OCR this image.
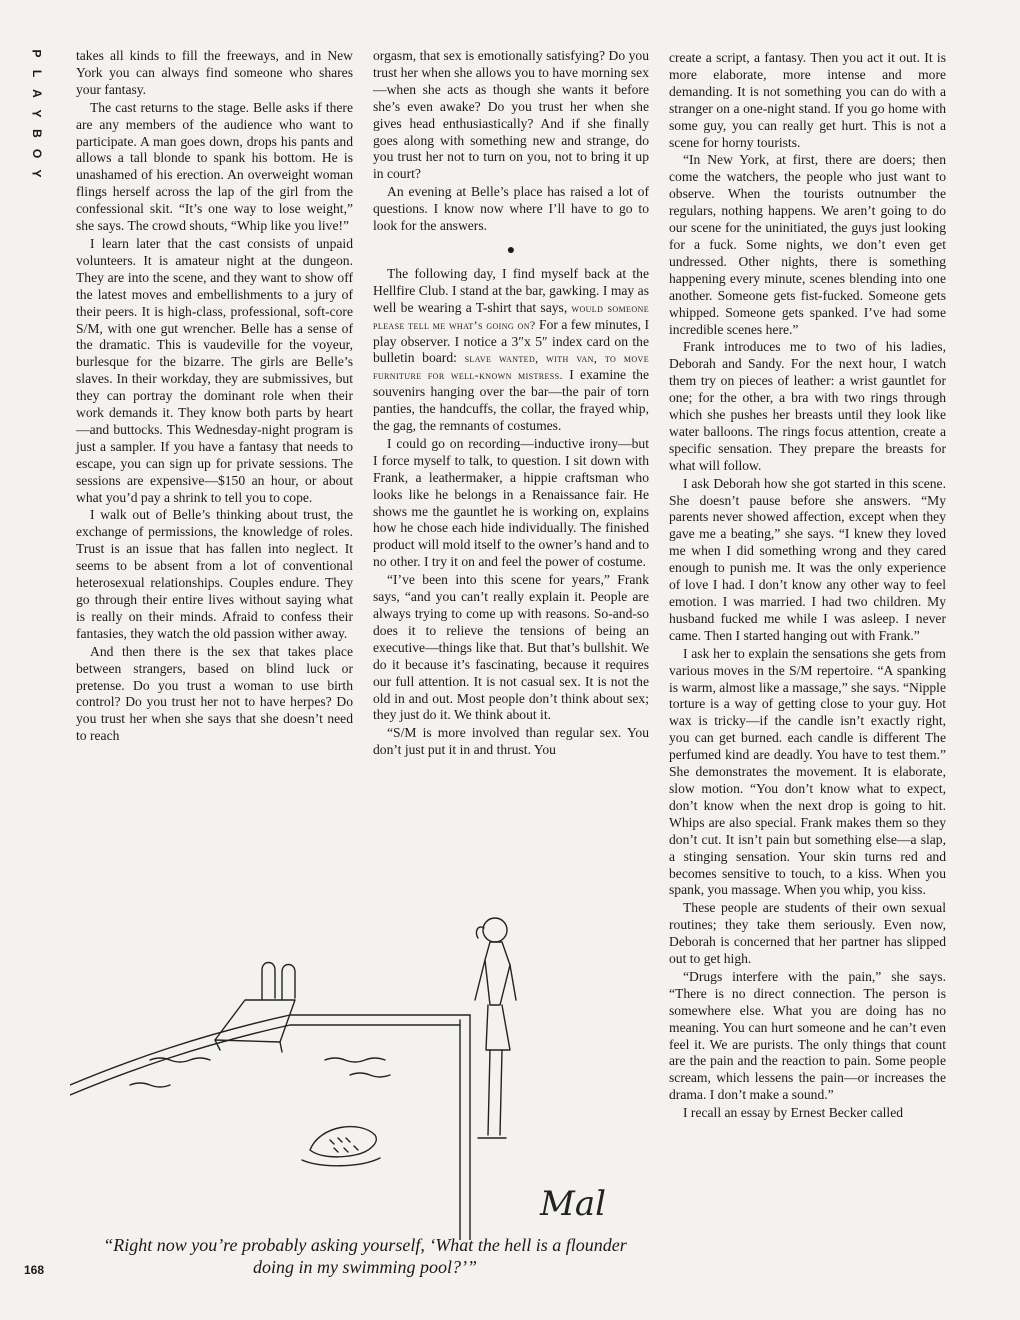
P
L
A
Y
B
O
Y

takes all kinds to fill the freeways, and in New York you can always find someone who shares your fantasy.

The cast returns to the stage. Belle asks if there are any members of the audience who want to participate. A man goes down, drops his pants and allows a tall blonde to spank his bottom. He is unashamed of his erection. An overweight woman flings herself across the lap of the girl from the confessional skit. “It’s one way to lose weight,” she says. The crowd shouts, “Whip like you live!”

I learn later that the cast consists of unpaid volunteers. It is amateur night at the dungeon. They are into the scene, and they want to show off the latest moves and embellishments to a jury of their peers. It is high-class, professional, soft-core S/M, with one gut wrencher. Belle has a sense of the dramatic. This is vaudeville for the voyeur, burlesque for the bizarre. The girls are Belle’s slaves. In their workday, they are submissives, but they can portray the dominant role when their work demands it. They know both parts by heart—and buttocks. This Wednesday-night program is just a sampler. If you have a fantasy that needs to escape, you can sign up for private sessions. The sessions are expensive—$150 an hour, or about what you’d pay a shrink to tell you to cope.

I walk out of Belle’s thinking about trust, the exchange of permissions, the knowledge of roles. Trust is an issue that has fallen into neglect. It seems to be absent from a lot of conventional heterosexual relationships. Couples endure. They go through their entire lives without saying what is really on their minds. Afraid to confess their fantasies, they watch the old passion wither away.

And then there is the sex that takes place between strangers, based on blind luck or pretense. Do you trust a woman to use birth control? Do you trust her not to have herpes? Do you trust her when she says that she doesn’t need to reach

orgasm, that sex is emotionally satisfying? Do you trust her when she allows you to have morning sex—when she acts as though she wants it before she’s even awake? Do you trust her when she gives head enthusiastically? And if she finally goes along with something new and strange, do you trust her not to turn on you, not to bring it up in court?

An evening at Belle’s place has raised a lot of questions. I know now where I’ll have to go to look for the answers.

●

The following day, I find myself back at the Hellfire Club. I stand at the bar, gawking. I may as well be wearing a T-shirt that says, would someone please tell me what’s going on? For a few minutes, I play observer. I notice a 3″x 5″ index card on the bulletin board: slave wanted, with van, to move furniture for well-known mistress. I examine the souvenirs hanging over the bar—the pair of torn panties, the handcuffs, the collar, the frayed whip, the gag, the remnants of costumes.

I could go on recording—inductive irony—but I force myself to talk, to question. I sit down with Frank, a leathermaker, a hippie craftsman who looks like he belongs in a Renaissance fair. He shows me the gauntlet he is working on, explains how he chose each hide individually. The finished product will mold itself to the owner’s hand and to no other. I try it on and feel the power of costume.

“I’ve been into this scene for years,” Frank says, “and you can’t really explain it. People are always trying to come up with reasons. So-and-so does it to relieve the tensions of being an executive—things like that. But that’s bullshit. We do it because it’s fascinating, because it requires our full attention. It is not casual sex. It is not the old in and out. Most people don’t think about sex; they just do it. We think about it.

“S/M is more involved than regular sex. You don’t just put it in and thrust. You

create a script, a fantasy. Then you act it out. It is more elaborate, more intense and more demanding. It is not something you can do with a stranger on a one-night stand. If you go home with some guy, you can really get hurt. This is not a scene for horny tourists.

“In New York, at first, there are doers; then come the watchers, the people who just want to observe. When the tourists outnumber the regulars, nothing happens. We aren’t going to do our scene for the uninitiated, the guys just looking for a fuck. Some nights, we don’t even get undressed. Other nights, there is something happening every minute, scenes blending into one another. Someone gets fist-fucked. Someone gets whipped. Someone gets spanked. I’ve had some incredible scenes here.”

Frank introduces me to two of his ladies, Deborah and Sandy. For the next hour, I watch them try on pieces of leather: a wrist gauntlet for one; for the other, a bra with two rings through which she pushes her breasts until they look like water balloons. The rings focus attention, create a specific sensation. They prepare the breasts for what will follow.

I ask Deborah how she got started in this scene. She doesn’t pause before she answers. “My parents never showed affection, except when they gave me a beating,” she says. “I knew they loved me when I did something wrong and they cared enough to punish me. It was the only experience of love I had. I don’t know any other way to feel emotion. I was married. I had two children. My husband fucked me while I was asleep. I never came. Then I started hanging out with Frank.”

I ask her to explain the sensations she gets from various moves in the S/M repertoire. “A spanking is warm, almost like a massage,” she says. “Nipple torture is a way of getting close to your guy. Hot wax is tricky—if the candle isn’t exactly right, you can get burned. each candle is different The perfumed kind are deadly. You have to test them.” She demonstrates the movement. It is elaborate, slow motion. “You don’t know what to expect, don’t know when the next drop is going to hit. Whips are also special. Frank makes them so they don’t cut. It isn’t pain but something else—a slap, a stinging sensation. Your skin turns red and becomes sensitive to touch, to a kiss. When you spank, you massage. When you whip, you kiss.

These people are students of their own sexual routines; they take them seriously. Even now, Deborah is concerned that her partner has slipped out to get high.

“Drugs interfere with the pain,” she says. “There is no direct connection. The person is somewhere else. What you are doing has no meaning. You can hurt someone and he can’t even feel it. We are purists. The only things that count are the pain and the reaction to pain. Some people scream, which lessens the pain—or increases the drama. I don’t make a sound.”

I recall an essay by Ernest Becker called

Mal
“Right now you’re probably asking yourself, ‘What the hell is a flounder doing in my swimming pool?’”
168
